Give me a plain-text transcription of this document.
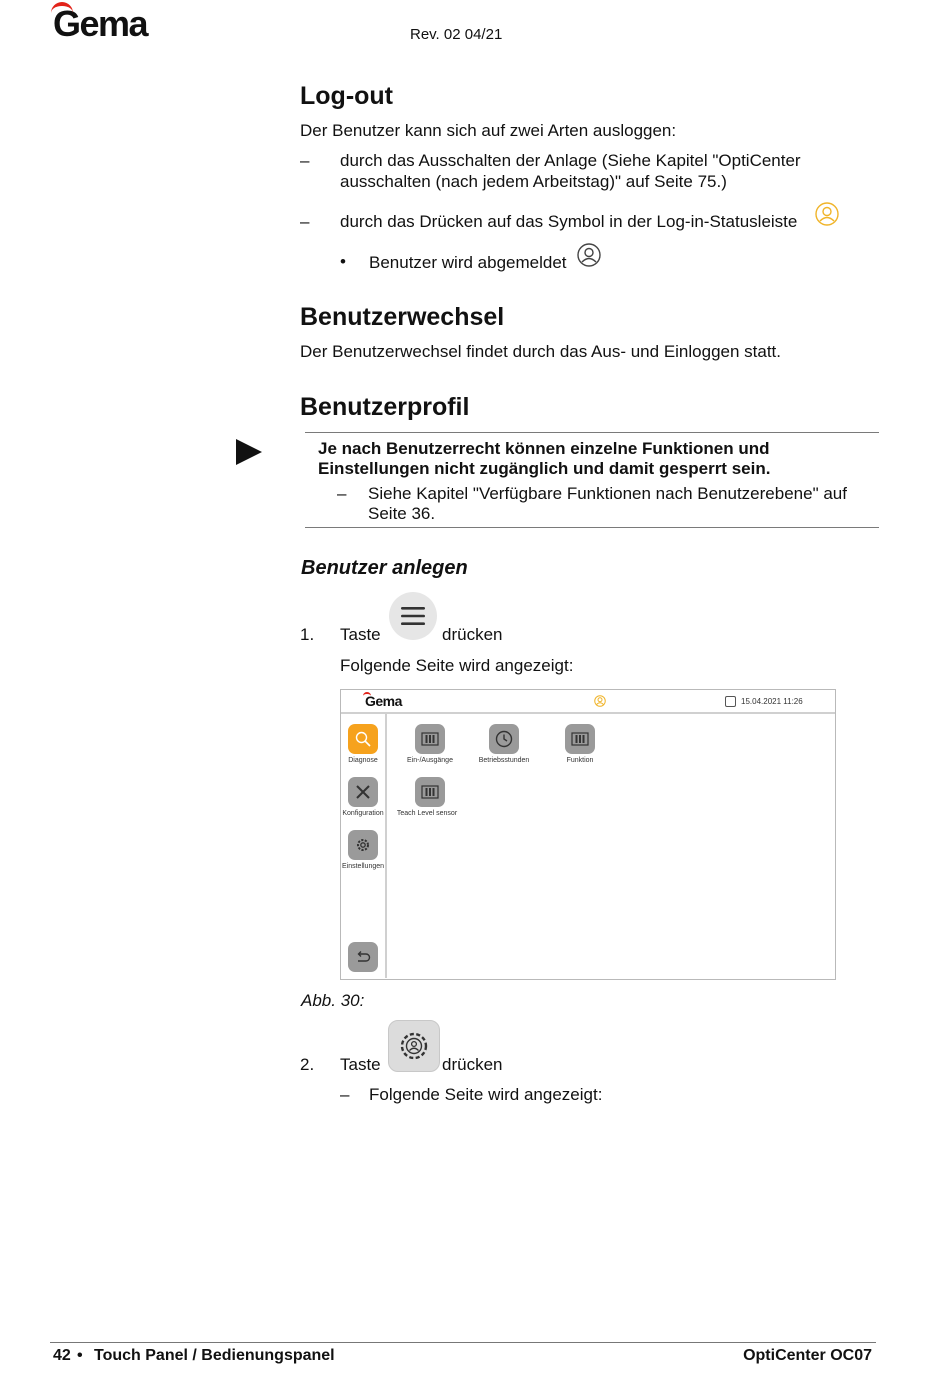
Gema	Rev. 02 04/21
Log-out
Der Benutzer kann sich auf zwei Arten ausloggen:
– durch das Ausschalten der Anlage (Siehe Kapitel "OptiCenter
ausschalten (nach jedem Arbeitstag)" auf Seite 75.)
– durch das Drücken auf das Symbol in der Log-in-Statusleiste
• Benutzer wird abgemeldet
Benutzerwechsel
Der Benutzerwechsel findet durch das Aus- und Einloggen statt.
Benutzerprofil
Je nach Benutzerrecht können einzelne Funktionen und
Einstellungen nicht zugänglich und damit gesperrt sein.
– Siehe Kapitel "Verfügbare Funktionen nach Benutzerebene" auf
Seite 36.
Benutzer anlegen
1. Taste	drücken
Folgende Seite wird angezeigt:
Gema	15.04.2021 11:26
Diagnose
Konfiguration
Einstellungen
Ein-/Ausgänge	Betriebsstunden	Funktion
Teach Level sensor
Abb. 30:
2. Taste	drücken
– Folgende Seite wird angezeigt:
42 • Touch Panel / Bedienungspanel	OptiCenter OC07
